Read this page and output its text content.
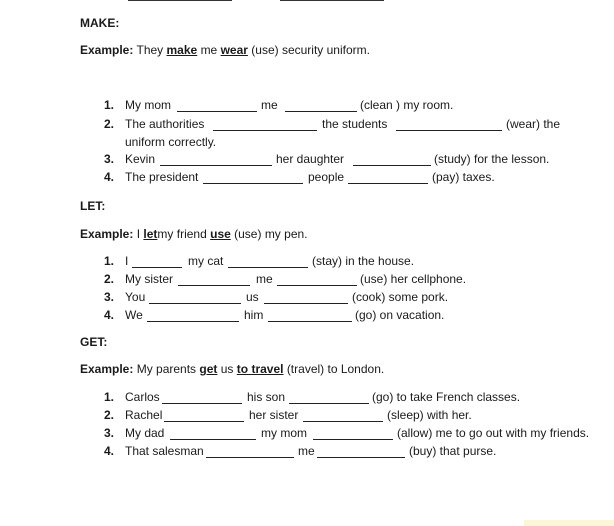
MAKE:
Example: They make me wear (use) security uniform.
1. My mom	me	(clean ) my room.
2. The authorities	the students	(wear) the
uniform correctly.
3. Kevin	her daughter	(study) for the lesson.
4. The president	people	(pay) taxes.
LET:
Example: I letmy friend use (use) my pen.
1. I	my cat	(stay) in the house.
2. My sister	me	(use) her cellphone.
3. You	us	(cook) some pork.
4. We	him	(go) on vacation.
GET:
Example: My parents get us to travel (travel) to London.
1. Carlos	his son	(go) to take French classes.
2. Rachel	her sister	(sleep) with her.
3. My dad	my mom	(allow) me to go out with my friends.
4. That salesman	me	(buy) that purse.
